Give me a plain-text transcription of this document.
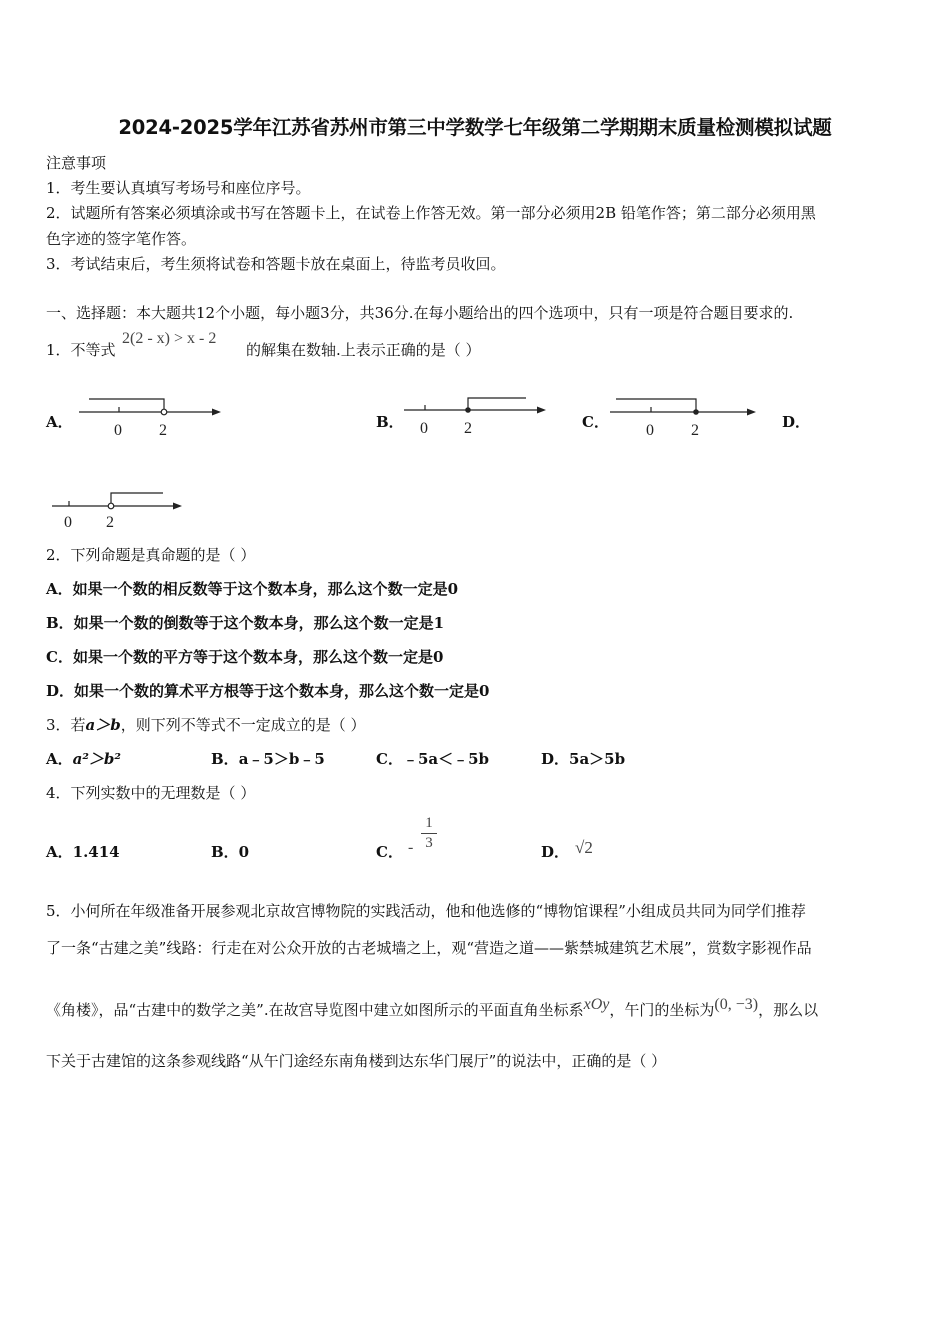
2024-2025学年江苏省苏州市第三中学数学七年级第二学期期末质量检测模拟试题
注意事项
1．考生要认真填写考场号和座位序号。
2．试题所有答案必须填涂或书写在答题卡上，在试卷上作答无效。第一部分必须用2B 铅笔作答；第二部分必须用黑
色字迹的签字笔作答。
3．考试结束后，考生须将试卷和答题卡放在桌面上，待监考员收回。
一、选择题：本大题共12个小题，每小题3分，共36分.在每小题给出的四个选项中，只有一项是符合题目要求的.
1．不等式
2(2 - x) > x - 2
的解集在数轴.上表示正确的是（ ）
A．	0 2	B． 0 2	C． 0 2	D．
0 2
2．下列命题是真命题的是（ ）
A．如果一个数的相反数等于这个数本身，那么这个数一定是0
B．如果一个数的倒数等于这个数本身，那么这个数一定是1
C．如果一个数的平方等于这个数本身，那么这个数一定是0
D．如果一个数的算术平方根等于这个数本身，那么这个数一定是0
3．若a＞b，则下列不等式不一定成立的是（ ）
A．a²＞b²	B．a﹣5＞b﹣5	C．﹣5a＜﹣5b	D．5a＞5b
4．下列实数中的无理数是（ ）
A．1.414	B．0	C． -
1
3	D． √2
5．小何所在年级准备开展参观北京故宫博物院的实践活动，他和他选修的“博物馆课程”小组成员共同为同学们推荐
了一条“古建之美”线路：行走在对公众开放的古老城墙之上，观“营造之道——紫禁城建筑艺术展”，赏数字影视作品
《角楼》，品“古建中的数学之美”.在故宫导览图中建立如图所示的平面直角坐标系xOy，午门的坐标为(0, −3)，那么以
下关于古建馆的这条参观线路“从午门途经东南角楼到达东华门展厅”的说法中，正确的是（ ）
